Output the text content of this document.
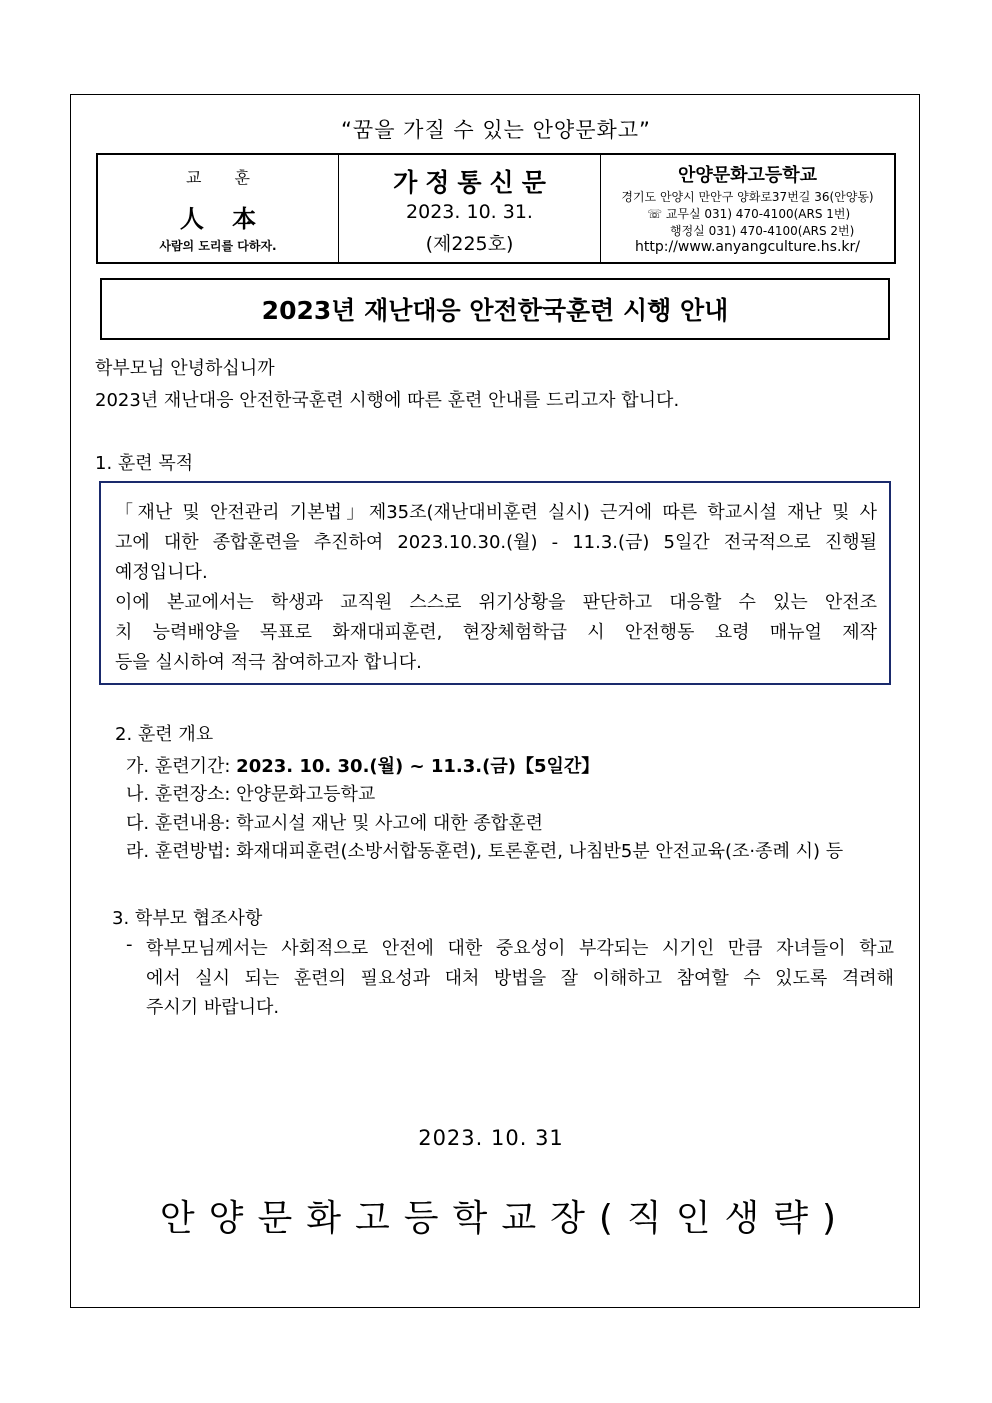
“꿈을 가질 수 있는 안양문화고”
교 훈
人 本
사람의 도리를 다하자.
가정통신문
2023. 10. 31.
(제225호)
안양문화고등학교
경기도 안양시 만안구 양화로37번길 36(안양동)
☏ 교무실 031) 470-4100(ARS 1번)
행정실 031) 470-4100(ARS 2번)
http://www.anyangculture.hs.kr/
2023년 재난대응 안전한국훈련 시행 안내
학부모님 안녕하십니까
2023년 재난대응 안전한국훈련 시행에 따른 훈련 안내를 드리고자 합니다.
1. 훈련 목적

「재난 및 안전관리 기본법」제35조(재난대비훈련 실시) 근거에 따른 학교시설 재난 및 사

고에 대한 종합훈련을 추진하여 2023.10.30.(월) - 11.3.(금) 5일간 전국적으로 진행될

예정입니다.

이에 본교에서는 학생과 교직원 스스로 위기상황을 판단하고 대응할 수 있는 안전조

치 능력배양을 목표로 화재대피훈련, 현장체험학급 시 안전행동 요령 매뉴얼 제작

등을 실시하여 적극 참여하고자 합니다.

2. 훈련 개요
가. 훈련기간: 2023. 10. 30.(월) ~ 11.3.(금)【5일간】
나. 훈련장소: 안양문화고등학교
다. 훈련내용: 학교시설 재난 및 사고에 대한 종합훈련
라. 훈련방법: 화재대피훈련(소방서합동훈련), 토론훈련, 나침반5분 안전교육(조·종례 시) 등
3. 학부모 협조사항
- 학부모님께서는 사회적으로 안전에 대한 중요성이 부각되는 시기인 만큼 자녀들이 학교
에서 실시 되는 훈련의 필요성과 대처 방법을 잘 이해하고 참여할 수 있도록 격려해
주시기 바랍니다.
2023. 10. 31
안양문화고등학교장(직인생략)
